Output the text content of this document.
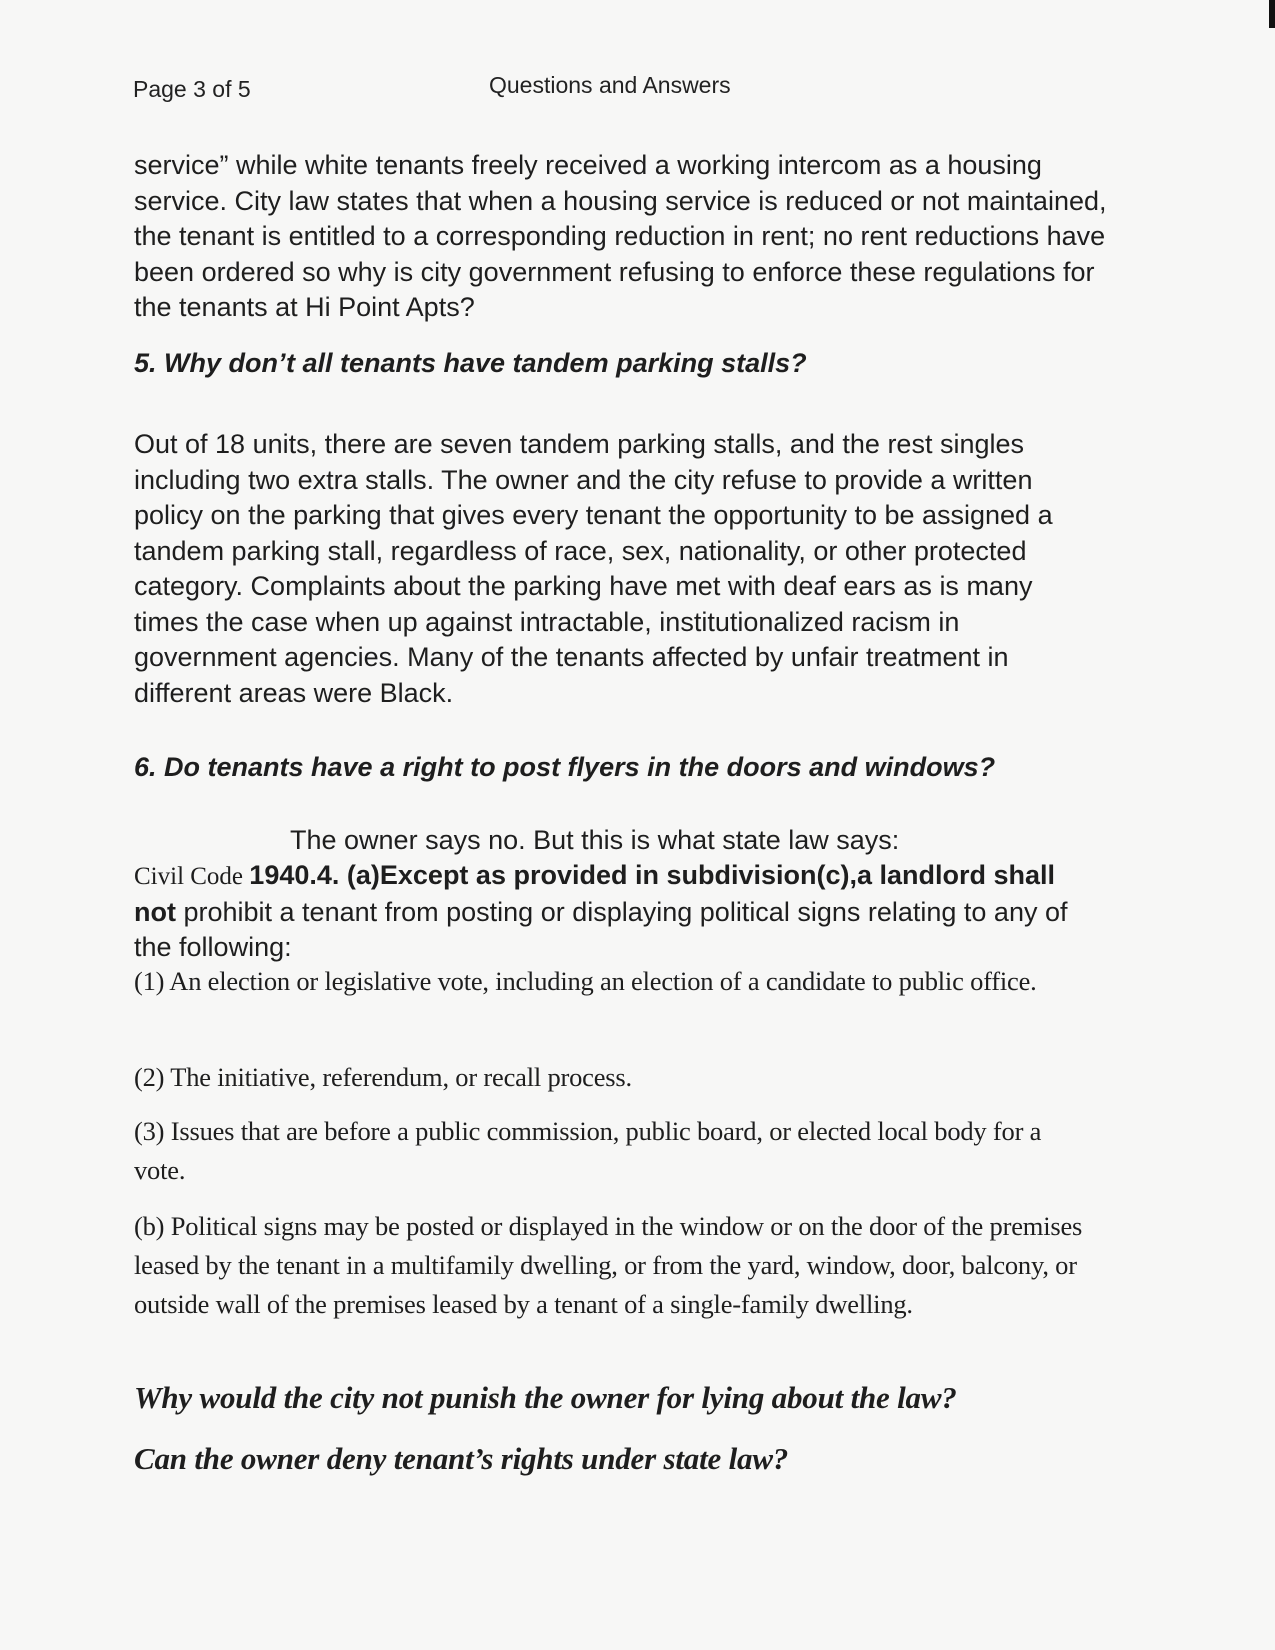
Page 3 of 5	Questions and Answers
service” while white tenants freely received a working intercom as a housing service. City law states that when a housing service is reduced or not maintained, the tenant is entitled to a corresponding reduction in rent; no rent reductions have been ordered so why is city government refusing to enforce these regulations for the tenants at Hi Point Apts?
5. Why don’t all tenants have tandem parking stalls?
Out of 18 units, there are seven tandem parking stalls, and the rest singles including two extra stalls. The owner and the city refuse to provide a written policy on the parking that gives every tenant the opportunity to be assigned a tandem parking stall, regardless of race, sex, nationality, or other protected category. Complaints about the parking have met with deaf ears as is many times the case when up against intractable, institutionalized racism in government agencies. Many of the tenants affected by unfair treatment in different areas were Black.
6. Do tenants have a right to post flyers in the doors and windows?
The owner says no. But this is what state law says:
Civil Code 1940.4. (a)Except as provided in subdivision(c),a landlord shall not prohibit a tenant from posting or displaying political signs relating to any of the following:
(1) An election or legislative vote, including an election of a candidate to public office.
(2) The initiative, referendum, or recall process.
(3) Issues that are before a public commission, public board, or elected local body for a vote.
(b) Political signs may be posted or displayed in the window or on the door of the premises leased by the tenant in a multifamily dwelling, or from the yard, window, door, balcony, or outside wall of the premises leased by a tenant of a single-family dwelling.
Why would the city not punish the owner for lying about the law?
Can the owner deny tenant’s rights under state law?
